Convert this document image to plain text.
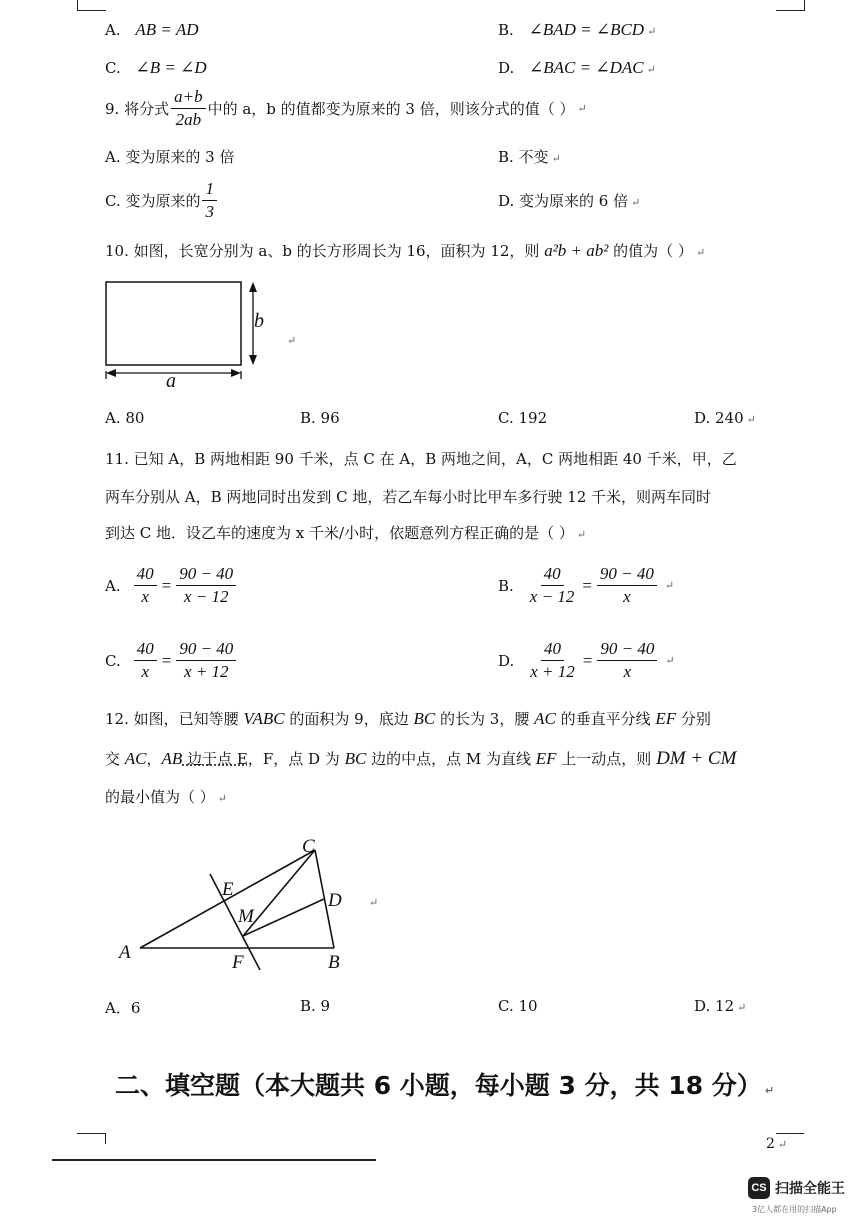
A. AB = AD	B. ∠BAD = ∠BCD ↵
C. ∠B = ∠D	D. ∠BAC = ∠DAC ↵
9. 将分式 $\frac{a+b}{2ab}$ 中的 a，b 的值都变为原来的 3 倍，则该分式的值（ ） ↵
A. 变为原来的 3 倍	B. 不变 ↵
C. 变为原来的 $\frac{1}{3}$	D. 变为原来的 6 倍 ↵
10. 如图，长宽分别为 a、b 的长方形周长为 16，面积为 12，则 a²b + ab² 的值为（ ） ↵
b
a
↵
A. 80	B. 96	C. 192	D. 240 ↵
11. 已知 A，B 两地相距 90 千米，点 C 在 A，B 两地之间，A，C 两地相距 40 千米，甲，乙
两车分别从 A，B 两地同时出发到 C 地，若乙车每小时比甲车多行驶 12 千米，则两车同时
到达 C 地．设乙车的速度为 x 千米/小时，依题意列方程正确的是（ ） ↵
A. $\frac{40}{x} = \frac{90 - 40}{x - 12}$	B. $\frac{40}{x - 12} = \frac{90 - 40}{x}$ ↵
C. $\frac{40}{x} = \frac{90 - 40}{x + 12}$	D. $\frac{40}{x + 12} = \frac{90 - 40}{x}$ ↵
12. 如图，已知等腰 VABC 的面积为 9，底边 BC 的长为 3，腰 AC 的垂直平分线 EF 分别
交 AC，AB 边于点 E，F，点 D 为 BC 边的中点，点 M 为直线 EF 上一动点，则 DM + CM
的最小值为（ ） ↵
A	B
C
D
E
F
M
↵
A．6	B. 9	C. 10	D. 12 ↵
二、填空题（本大题共 6 小题，每小题 3 分，共 18 分） ↵
2 ↵
CS 扫描全能王
3亿人都在用的扫描App
